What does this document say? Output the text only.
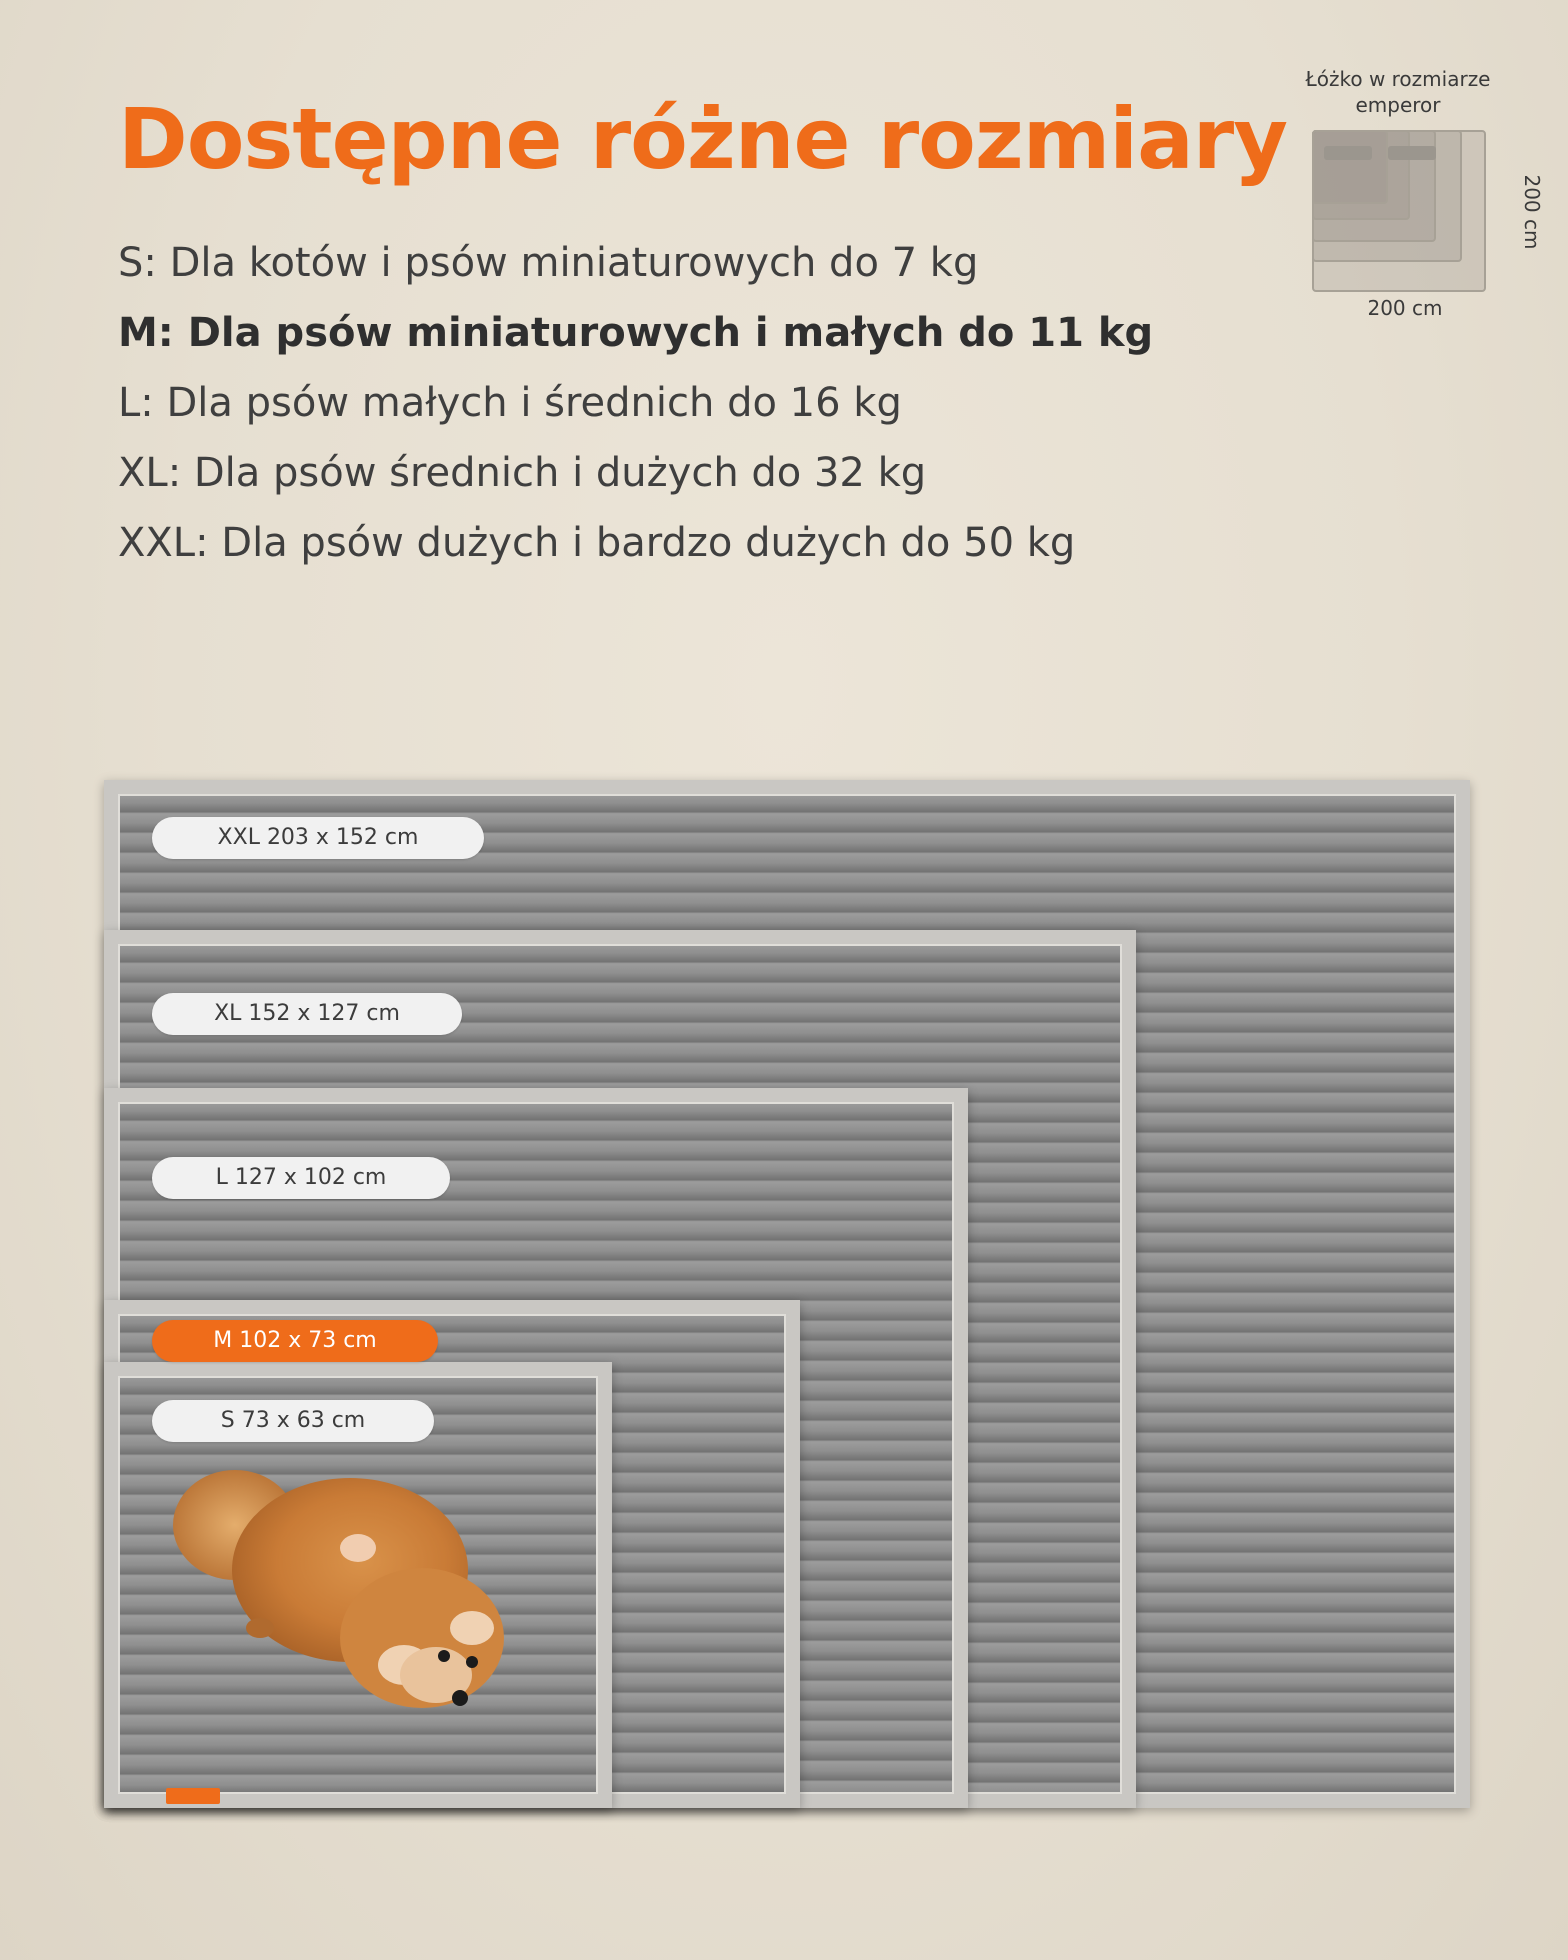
Dostępne różne rozmiary
S: Dla kotów i psów miniaturowych do 7 kg
M: Dla psów miniaturowych i małych do 11 kg
L: Dla psów małych i średnich do 16 kg
XL: Dla psów średnich i dużych do 32 kg
XXL: Dla psów dużych i bardzo dużych do 50 kg
Łóżko w rozmiarze emperor
200 cm
200 cm
XXL 203 x 152 cm
XL 152 x 127 cm
L 127 x 102 cm
M 102 x 73 cm
S 73 x 63 cm
